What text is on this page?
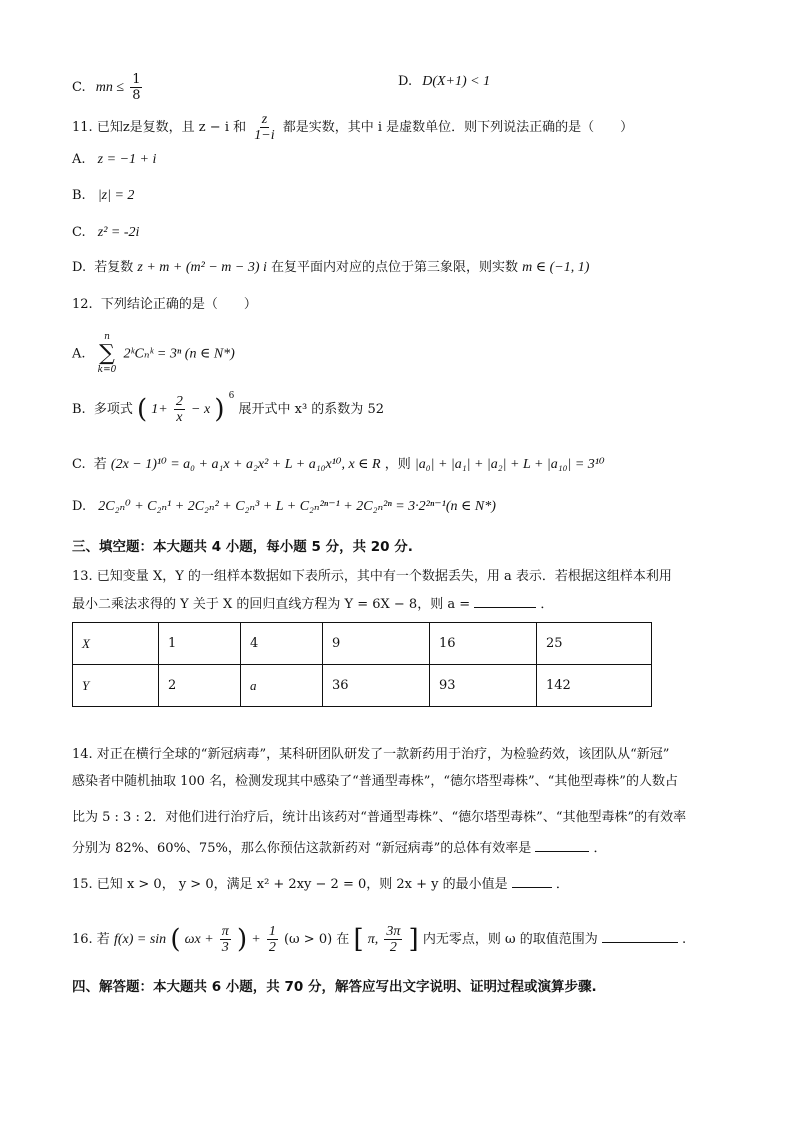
C. mn ≤ $\frac{1}{8}$	D. D(X+1) < 1
11. 已知z是复数，且 z − i 和 $\frac{z}{1-i}$ 都是实数，其中 i 是虚数单位．则下列说法正确的是（　　）
A. z = −1 + i
B. |z| = 2
C. z² = -2i
D. 若复数 z + m + (m² − m − 3) i 在复平面内对应的点位于第三象限，则实数 m ∈ (−1, 1)
12. 下列结论正确的是（　　）
A.
n
∑
k=0
2ᵏCₙᵏ = 3ⁿ (n ∈ N*)
B. 多项式 ( $1+ \frac{2}{x} - x$ ) $^6$ 展开式中 x³ 的系数为 52
C. 若 (2x − 1)¹⁰ = a₀ + a₁x + a₂x² + L + a₁₀x¹⁰, x ∈ R ，则 |a₀| + |a₁| + |a₂| + L + |a₁₀| = 3¹⁰
D. 2C₂ₙ⁰ + C₂ₙ¹ + 2C₂ₙ² + C₂ₙ³ + L + C₂ₙ²ⁿ⁻¹ + 2C₂ₙ²ⁿ = 3·2²ⁿ⁻¹(n ∈ N*)
三、填空题：本大题共 4 小题，每小题 5 分，共 20 分.
13. 已知变量 X，Y 的一组样本数据如下表所示，其中有一个数据丢失，用 a 表示．若根据这组样本利用
最小二乘法求得的 Y 关于 X 的回归直线方程为 Y = 6X − 8，则 a =	．
X	1	4	9	16	25
Y	2	a	36	93	142
14. 对正在横行全球的“新冠病毒”，某科研团队研发了一款新药用于治疗，为检验药效，该团队从“新冠”
感染者中随机抽取 100 名，检测发现其中感染了“普通型毒株”，“德尔塔型毒株”、“其他型毒株”的人数占
比为 5 : 3 : 2．对他们进行治疗后，统计出该药对“普通型毒株”、“德尔塔型毒株”、“其他型毒株”的有效率
分别为 82%、60%、75%，那么你预估这款新药对 “新冠病毒”的总体有效率是	．
15. 已知 x > 0， y > 0，满足 x² + 2xy − 2 = 0，则 2x + y 的最小值是	．
16. 若 f(x) = sin ( $\omega x + \frac{\pi}{3}$ ) + $\frac{1}{2} (\omega > 0)$ 在 [ π, $\frac{3\pi}{2}$ ] 内无零点，则 ω 的取值范围为	.
四、解答题：本大题共 6 小题，共 70 分，解答应写出文字说明、证明过程或演算步骤.
